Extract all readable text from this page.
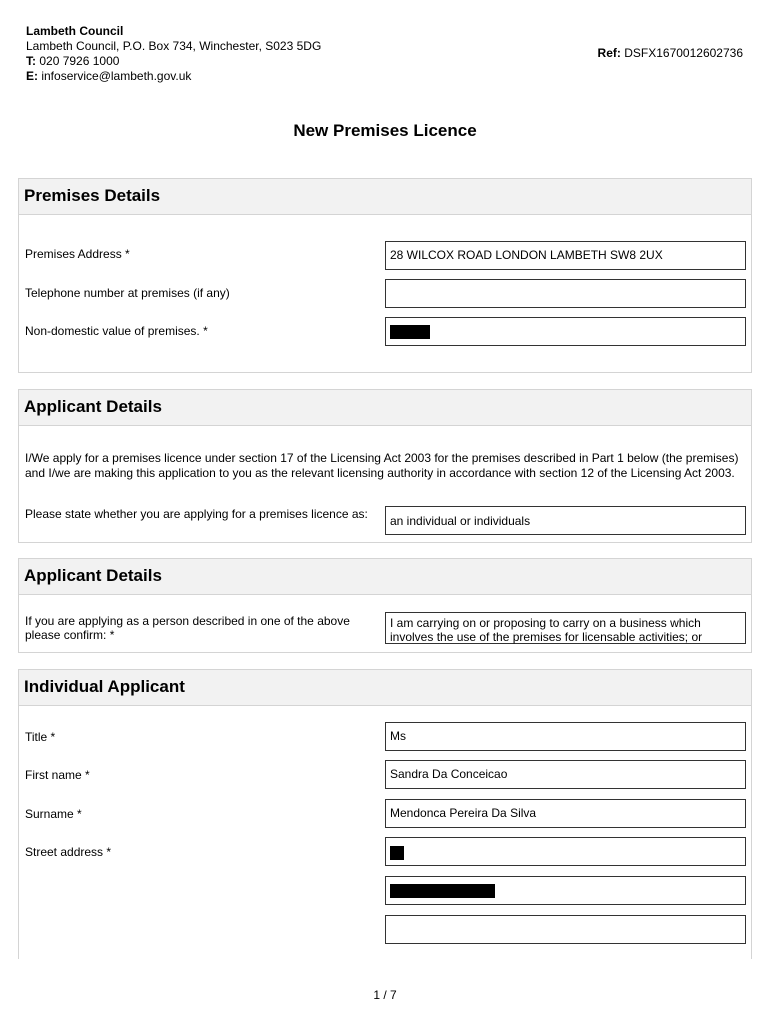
Lambeth Council
Lambeth Council, P.O. Box 734, Winchester, S023 5DG
T: 020 7926 1000
E: infoservice@lambeth.gov.uk
Ref: DSFX1670012602736
New Premises Licence
Premises Details
Premises Address *	28 WILCOX ROAD LONDON LAMBETH SW8 2UX
Telephone number at premises (if any)
Non-domestic value of premises. *
Applicant Details
I/We apply for a premises licence under section 17 of the Licensing Act 2003 for the premises described in Part 1 below (the premises) and I/we are making this application to you as the relevant licensing authority in accordance with section 12 of the Licensing Act 2003.
Please state whether you are applying for a premises licence as:	an individual or individuals
Applicant Details
If you are applying as a person described in one of the above please confirm: *
I am carrying on or proposing to carry on a business which involves the use of the premises for licensable activities; or
Individual Applicant
Title *	Ms
First name *	Sandra Da Conceicao
Surname *	Mendonca Pereira Da Silva
Street address *
1 / 7
